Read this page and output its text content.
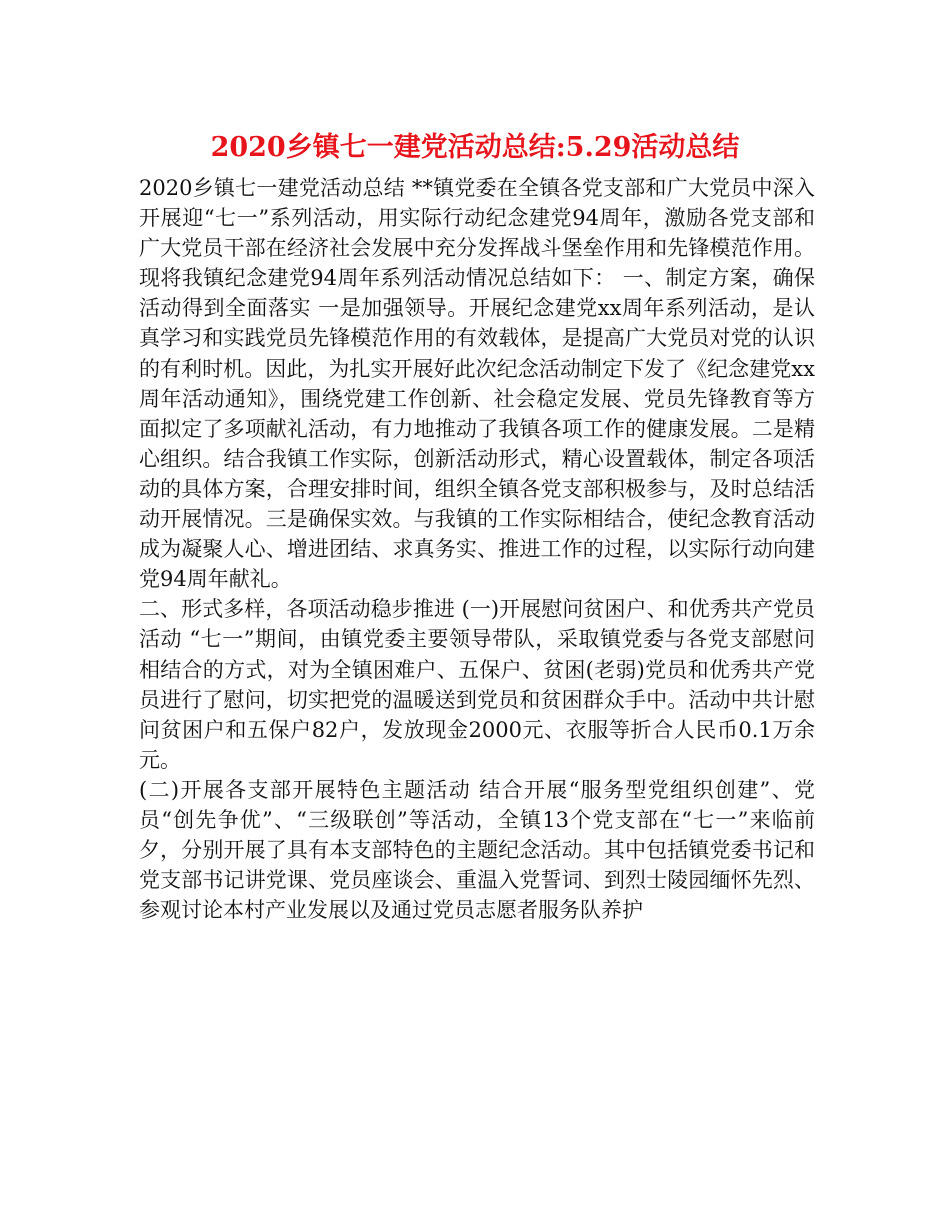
2020乡镇七一建党活动总结:5.29活动总结

2020乡镇七一建党活动总结 **镇党委在全镇各党支部和广大党员中深入开展迎“七一”系列活动，用实际行动纪念建党94周年，激励各党支部和广大党员干部在经济社会发展中充分发挥战斗堡垒作用和先锋模范作用。现将我镇纪念建党94周年系列活动情况总结如下： 一、制定方案，确保活动得到全面落实 一是加强领导。开展纪念建党xx周年系列活动，是认真学习和实践党员先锋模范作用的有效载体，是提高广大党员对党的认识的有利时机。因此，为扎实开展好此次纪念活动制定下发了《纪念建党xx周年活动通知》，围绕党建工作创新、社会稳定发展、党员先锋教育等方面拟定了多项献礼活动，有力地推动了我镇各项工作的健康发展。二是精心组织。结合我镇工作实际，创新活动形式，精心设置载体，制定各项活动的具体方案，合理安排时间，组织全镇各党支部积极参与，及时总结活动开展情况。三是确保实效。与我镇的工作实际相结合，使纪念教育活动成为凝聚人心、增进团结、求真务实、推进工作的过程，以实际行动向建党94周年献礼。

二、形式多样，各项活动稳步推进 (一)开展慰问贫困户、和优秀共产党员活动 “七一”期间，由镇党委主要领导带队，采取镇党委与各党支部慰问相结合的方式，对为全镇困难户、五保户、贫困(老弱)党员和优秀共产党员进行了慰问，切实把党的温暖送到党员和贫困群众手中。活动中共计慰问贫困户和五保户82户，发放现金2000元、衣服等折合人民币0.1万余元。

(二)开展各支部开展特色主题活动 结合开展“服务型党组织创建”、党员“创先争优”、“三级联创”等活动，全镇13个党支部在“七一”来临前夕，分别开展了具有本支部特色的主题纪念活动。其中包括镇党委书记和党支部书记讲党课、党员座谈会、重温入党誓词、到烈士陵园缅怀先烈、参观讨论本村产业发展以及通过党员志愿者服务队养护
